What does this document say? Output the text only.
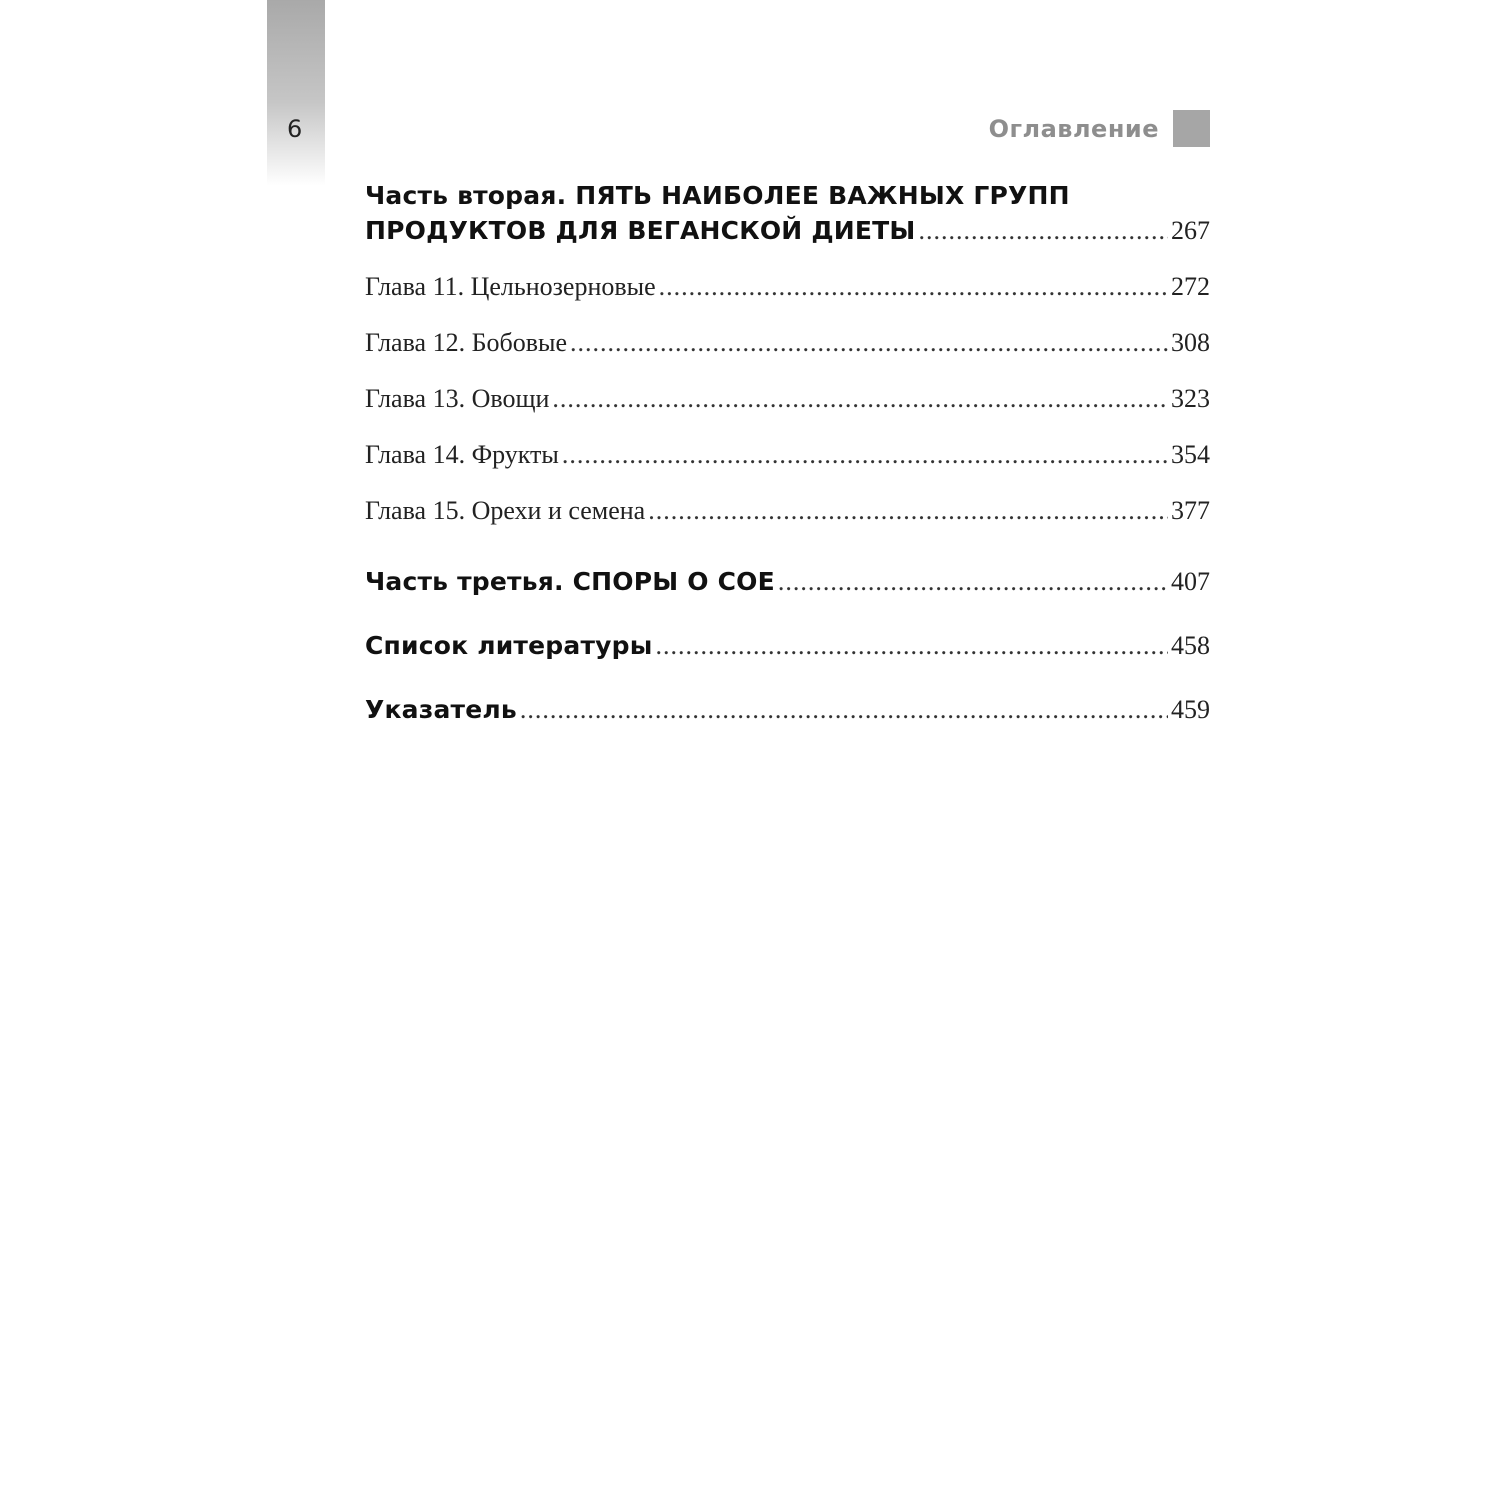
6	Оглавление
Часть вторая. ПЯТЬ НАИБОЛЕЕ ВАЖНЫХ ГРУПП
ПРОДУКТОВ ДЛЯ ВЕГАНСКОЙ ДИЕТЫ .....	267
Глава 11. Цельнозерновые .....	272
Глава 12. Бобовые .....	308
Глава 13. Овощи .....	323
Глава 14. Фрукты .....	354
Глава 15. Орехи и семена .....	377
Часть третья. СПОРЫ О СОЕ .....	407
Список литературы .....	458
Указатель .....	459
